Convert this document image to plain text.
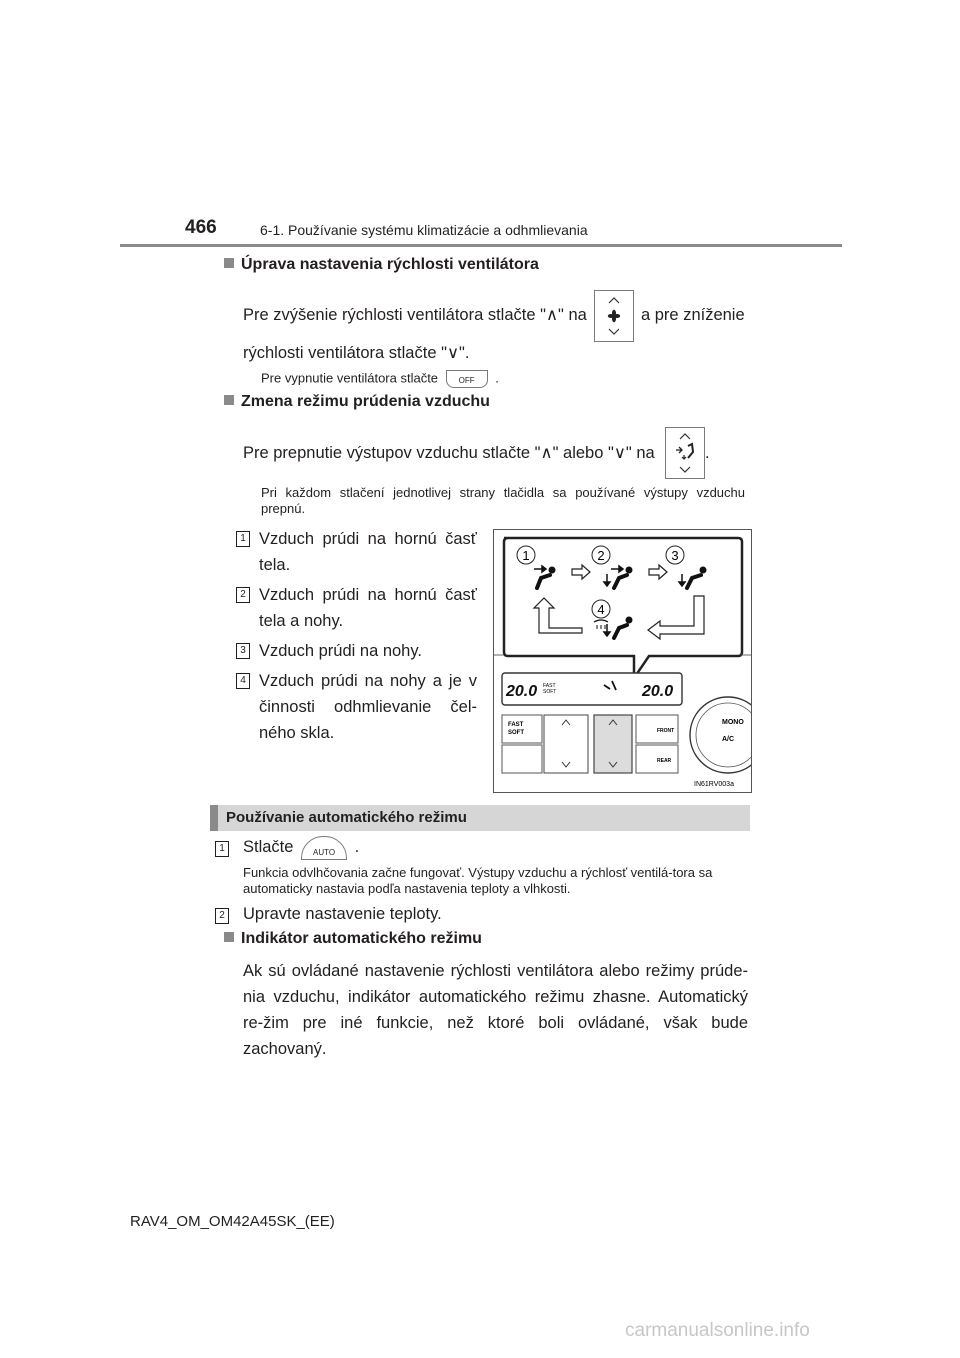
466	6-1. Používanie systému klimatizácie a odhmlievania
Úprava nastavenia rýchlosti ventilátora
Pre zvýšenie rýchlosti ventilátora stlačte "∧" na	a pre zníženie
rýchlosti ventilátora stlačte "∨".
Pre vypnutie ventilátora stlačte	OFF .
Zmena režimu prúdenia vzduchu
Pre prepnutie výstupov vzduchu stlačte "∧" alebo "∨" na	.
Pri každom stlačení jednotlivej strany tlačidla sa používané výstupy vzduchu prepnú.
1 Vzduch prúdi na hornú časť tela.
2 Vzduch prúdi na hornú časť tela a nohy.
3 Vzduch prúdi na nohy.
4 Vzduch prúdi na nohy a je v činnosti odhmlievanie čel-ného skla.
1	2	3
4
20.0	20.0
FAST
SOFT
FAST
SOFT	FRONT
REAR
MONO
A/C
IN61RV003a
Používanie automatického režimu
1 Stlačte AUTO .
Funkcia odvlhčovania začne fungovať. Výstupy vzduchu a rýchlosť ventilá-tora sa automaticky nastavia podľa nastavenia teploty a vlhkosti.
2 Upravte nastavenie teploty.
Indikátor automatického režimu
Ak sú ovládané nastavenie rýchlosti ventilátora alebo režimy prúde-nia vzduchu, indikátor automatického režimu zhasne. Automatický re-žim pre iné funkcie, než ktoré boli ovládané, však bude zachovaný.
RAV4_OM_OM42A45SK_(EE)
carmanualsonline.info
